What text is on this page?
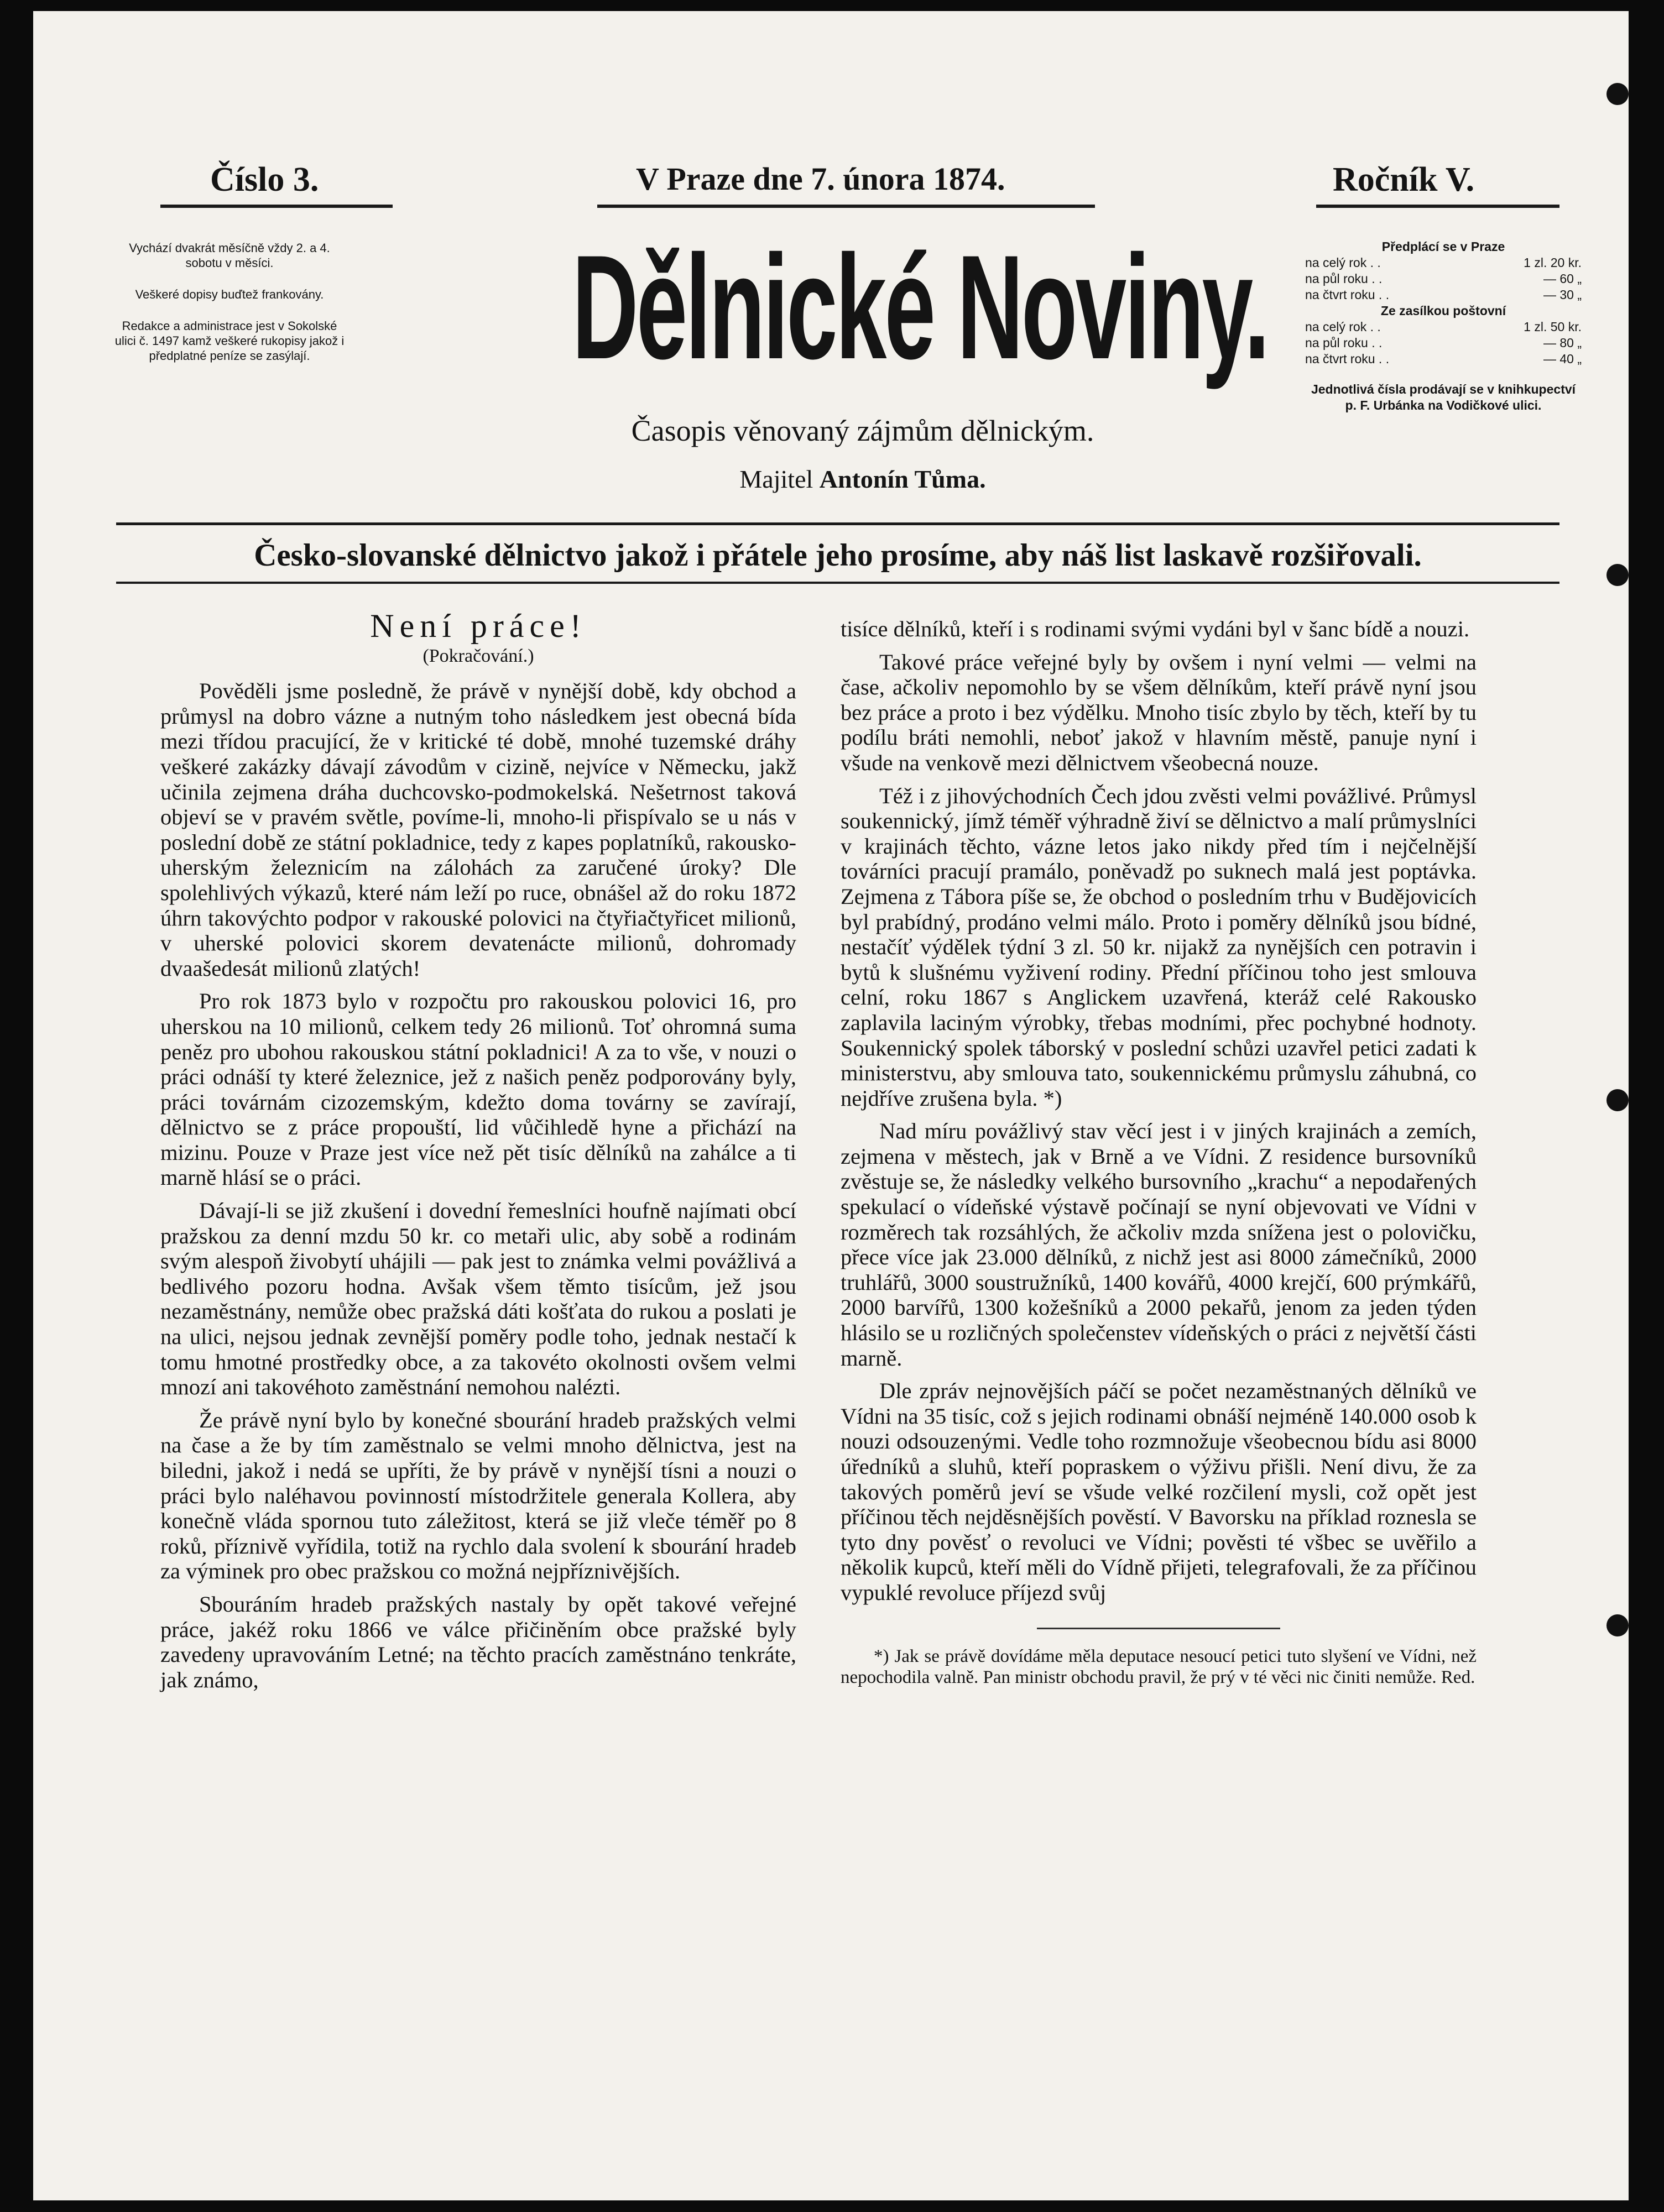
Číslo 3.	V Praze dne 7. února 1874.	Ročník V.

Vychází dvakrát měsíčně vždy 2. a 4. sobotu v měsíci.

Veškeré dopisy buďtež frankovány.

Redakce a administrace jest v Sokolské ulici č. 1497 kamž veškeré rukopisy jakož i předplatné peníze se zasýlají. Dělnické Noviny.
Časopis věnovaný zájmům dělnickým.
Majitel Antonín Tůma.
Předplácí se v Praze
na celý rok . .	1 zl. 20 kr.
na půl roku . .	— 60 „
na čtvrt roku . .	— 30 „
Ze zasílkou poštovní
na celý rok . .	1 zl. 50 kr.
na půl roku . .	— 80 „
na čtvrt roku . .	— 40 „
Jednotlivá čísla prodávají se v knihkupectví p. F. Urbánka na Vodičkové ulici.
Česko-slovanské dělnictvo jakož i přátele jeho prosíme, aby náš list laskavě rozšiřovali.
Není práce!
(Pokračování.)

Pověděli jsme posledně, že právě v nynější době, kdy obchod a průmysl na dobro vázne a nutným toho následkem jest obecná bída mezi třídou pracující, že v kritické té době, mnohé tuzemské dráhy veškeré zakázky dávají závodům v cizině, nejvíce v Německu, jakž učinila zejmena dráha duchcovsko-podmokelská. Nešetrnost taková objeví se v pravém světle, povíme-li, mnoho-li přispívalo se u nás v poslední době ze státní pokladnice, tedy z kapes poplatníků, rakousko-uherským železnicím na zálohách za zaručené úroky? Dle spolehlivých výkazů, které nám leží po ruce, obnášel až do roku 1872 úhrn takovýchto podpor v rakouské polovici na čtyřiačtyřicet milionů, v uherské polovici skorem devatenácte milionů, dohromady dvaašedesát milionů zlatých!

Pro rok 1873 bylo v rozpočtu pro rakouskou polovici 16, pro uherskou na 10 milionů, celkem tedy 26 milionů. Toť ohromná suma peněz pro ubohou rakouskou státní pokladnici! A za to vše, v nouzi o práci odnáší ty které železnice, jež z našich peněz podporovány byly, práci továrnám cizozemským, kdežto doma továrny se zavírají, dělnictvo se z práce propouští, lid vůčihledě hyne a přichází na mizinu. Pouze v Praze jest více než pět tisíc dělníků na zahálce a ti marně hlásí se o práci.

Dávají-li se již zkušení i dovední řemeslníci houfně najímati obcí pražskou za denní mzdu 50 kr. co metaři ulic, aby sobě a rodinám svým alespoň živobytí uhájili — pak jest to známka velmi povážlivá a bedlivého pozoru hodna. Avšak všem těmto tisícům, jež jsou nezaměstnány, nemůže obec pražská dáti košťata do rukou a poslati je na ulici, nejsou jednak zevnější poměry podle toho, jednak nestačí k tomu hmotné prostředky obce, a za takovéto okolnosti ovšem velmi mnozí ani takovéhoto zaměstnání nemohou nalézti.

Že právě nyní bylo by konečné sbourání hradeb pražských velmi na čase a že by tím zaměstnalo se velmi mnoho dělnictva, jest na biledni, jakož i nedá se upříti, že by právě v nynější tísni a nouzi o práci bylo naléhavou povinností místodržitele generala Kollera, aby konečně vláda spornou tuto záležitost, která se již vleče téměř po 8 roků, příznivě vyřídila, totiž na rychlo dala svolení k sbourání hradeb za výminek pro obec pražskou co možná nejpříznivějších.

Sbouráním hradeb pražských nastaly by opět takové veřejné práce, jakéž roku 1866 ve válce přičiněním obce pražské byly zavedeny upravováním Letné; na těchto pracích zaměstnáno tenkráte, jak známo,

tisíce dělníků, kteří i s rodinami svými vydáni byl v šanc bídě a nouzi.

Takové práce veřejné byly by ovšem i nyní velmi — velmi na čase, ačkoliv nepomohlo by se všem dělníkům, kteří právě nyní jsou bez práce a proto i bez výdělku. Mnoho tisíc zbylo by těch, kteří by tu podílu bráti nemohli, neboť jakož v hlavním městě, panuje nyní i všude na venkově mezi dělnictvem všeobecná nouze.

Též i z jihovýchodních Čech jdou zvěsti velmi povážlivé. Průmysl soukennický, jímž téměř výhradně živí se dělnictvo a malí průmyslníci v krajinách těchto, vázne letos jako nikdy před tím i nejčelnější továrníci pracují pramálo, poněvadž po suknech malá jest poptávka. Zejmena z Tábora píše se, že obchod o posledním trhu v Budějovicích byl prabídný, prodáno velmi málo. Proto i poměry dělníků jsou bídné, nestačíť výdělek týdní 3 zl. 50 kr. nijakž za nynějších cen potravin i bytů k slušnému vyživení rodiny. Přední příčinou toho jest smlouva celní, roku 1867 s Anglickem uzavřená, kteráž celé Rakousko zaplavila laciným výrobky, třebas modními, přec pochybné hodnoty. Soukennický spolek táborský v poslední schůzi uzavřel petici zadati k ministerstvu, aby smlouva tato, soukennickému průmyslu záhubná, co nejdříve zrušena byla. *)

Nad míru povážlivý stav věcí jest i v jiných krajinách a zemích, zejmena v městech, jak v Brně a ve Vídni. Z residence bursovníků zvěstuje se, že následky velkého bursovního „krachu“ a nepodařených spekulací o vídeňské výstavě počínají se nyní objevovati ve Vídni v rozměrech tak rozsáhlých, že ačkoliv mzda snížena jest o polovičku, přece více jak 23.000 dělníků, z nichž jest asi 8000 zámečníků, 2000 truhlářů, 3000 soustružníků, 1400 kovářů, 4000 krejčí, 600 prýmkářů, 2000 barvířů, 1300 kožešníků a 2000 pekařů, jenom za jeden týden hlásilo se u rozličných společenstev vídeňských o práci z největší části marně.

Dle zpráv nejnovějších páčí se počet nezaměstnaných dělníků ve Vídni na 35 tisíc, což s jejich rodinami obnáší nejméně 140.000 osob k nouzi odsouzenými. Vedle toho rozmnožuje všeobecnou bídu asi 8000 úředníků a sluhů, kteří popraskem o výživu přišli. Není divu, že za takových poměrů jeví se všude velké rozčilení mysli, což opět jest příčinou těch nejděsnějších pověstí. V Bavorsku na příklad roznesla se tyto dny pověsť o revoluci ve Vídni; pověsti té všbec se uvěřilo a několik kupců, kteří měli do Vídně přijeti, telegrafovali, že za příčinou vypuklé revoluce příjezd svůj

*) Jak se právě dovídáme měla deputace nesoucí petici tuto slyšení ve Vídni, než nepochodila valně. Pan ministr obchodu pravil, že prý v té věci nic činiti nemůže. Red.
